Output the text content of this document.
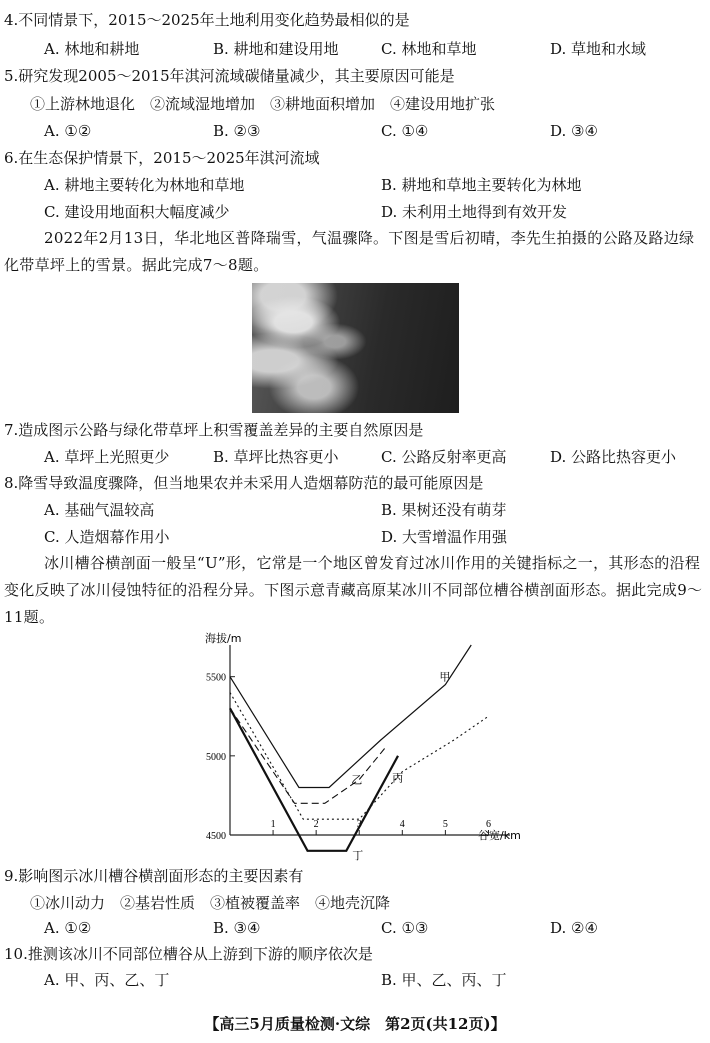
4.不同情景下，2015～2025年土地利用变化趋势最相似的是
A. 林地和耕地	B. 耕地和建设用地	C. 林地和草地	D. 草地和水域
5.研究发现2005～2015年淇河流域碳储量减少，其主要原因可能是
①上游林地退化　②流域湿地增加　③耕地面积增加　④建设用地扩张
A. ①②	B. ②③	C. ①④	D. ③④
6.在生态保护情景下，2015～2025年淇河流域
A. 耕地主要转化为林地和草地	B. 耕地和草地主要转化为林地
C. 建设用地面积大幅度减少	D. 未利用土地得到有效开发
2022年2月13日，华北地区普降瑞雪，气温骤降。下图是雪后初晴，李先生拍摄的公路及路边绿化带草坪上的雪景。据此完成7～8题。
7.造成图示公路与绿化带草坪上积雪覆盖差异的主要自然原因是
A. 草坪上光照更少	B. 草坪比热容更小	C. 公路反射率更高	D. 公路比热容更小
8.降雪导致温度骤降，但当地果农并未采用人造烟幕防范的最可能原因是
A. 基础气温较高	B. 果树还没有萌芽
C. 人造烟幕作用小	D. 大雪增温作用强
冰川槽谷横剖面一般呈“U”形，它常是一个地区曾发育过冰川作用的关键指标之一，其形态的沿程变化反映了冰川侵蚀特征的沿程分异。下图示意青藏高原某冰川不同部位槽谷横剖面形态。据此完成9～11题。
4500
5000
5500
1	2	3	4	5	6
海拔/m
谷宽/km
甲
乙	丙
丁
9.影响图示冰川槽谷横剖面形态的主要因素有
①冰川动力　②基岩性质　③植被覆盖率　④地壳沉降
A. ①②	B. ③④	C. ①③	D. ②④
10.推测该冰川不同部位槽谷从上游到下游的顺序依次是
A. 甲、丙、乙、丁	B. 甲、乙、丙、丁
【高三5月质量检测·文综　第2页(共12页)】
